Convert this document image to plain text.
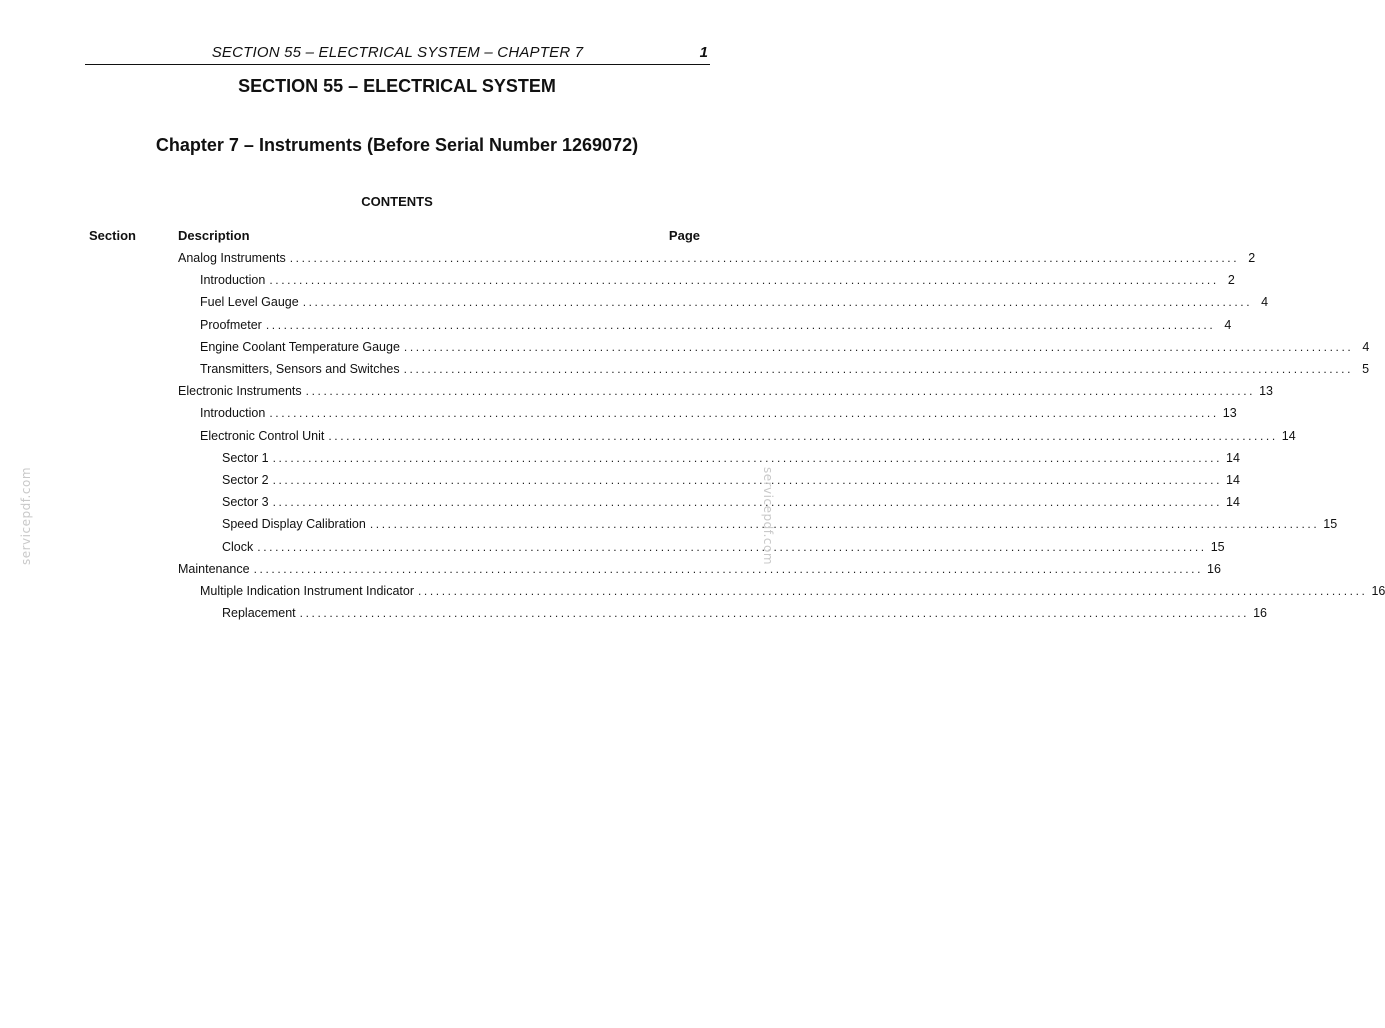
SECTION 55 – ELECTRICAL SYSTEM – CHAPTER 7	1
SECTION 55 – ELECTRICAL SYSTEM
Chapter 7 – Instruments (Before Serial Number 1269072)
CONTENTS
Section	Description	Page
Analog Instruments ................................................................................................................................................................ 2
Introduction ................................................................................................................................................................ 2
Fuel Level Gauge ................................................................................................................................................................ 4
Proofmeter ................................................................................................................................................................ 4
Engine Coolant Temperature Gauge ................................................................................................................................................................ 4
Transmitters, Sensors and Switches ................................................................................................................................................................ 5
Electronic Instruments ................................................................................................................................................................ 13
Introduction ................................................................................................................................................................ 13
Electronic Control Unit ................................................................................................................................................................ 14
Sector 1 ................................................................................................................................................................ 14
Sector 2 ................................................................................................................................................................ 14
Sector 3 ................................................................................................................................................................ 14
Speed Display Calibration ................................................................................................................................................................ 15
Clock ................................................................................................................................................................ 15
Maintenance ................................................................................................................................................................ 16
Multiple Indication Instrument Indicator ................................................................................................................................................................ 16
Replacement ................................................................................................................................................................ 16
servicepdf.com	servicepdf.com
